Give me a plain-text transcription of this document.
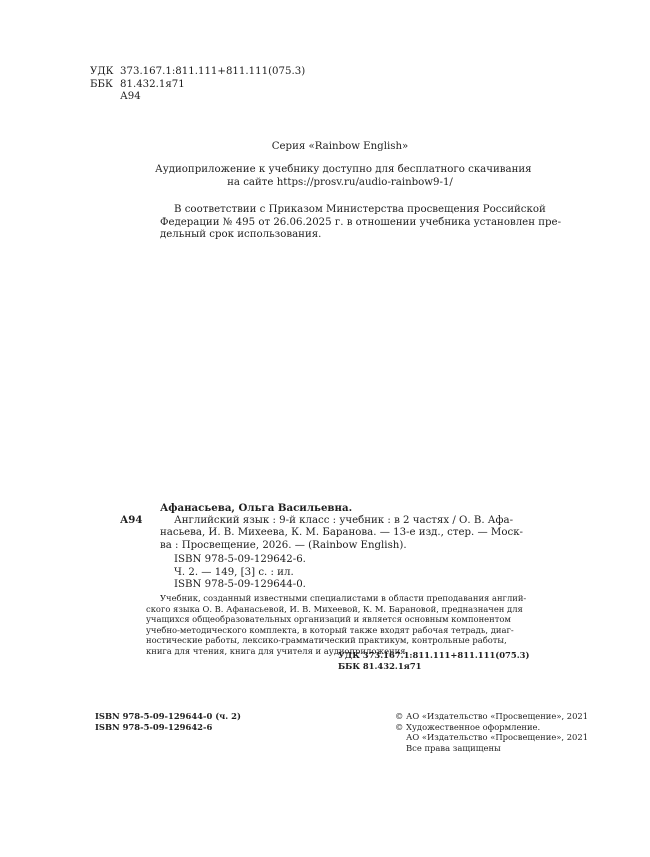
УДК 373.167.1:811.111+811.111(075.3)
ББК 81.432.1я71
А94
Серия «Rainbow English»
Аудиоприложение к учебнику доступно для бесплатного скачивания
на сайте https://prosv.ru/audio-rainbow9-1/
В соответствии с Приказом Министерства просвещения Российской
Федерации № 495 от 26.06.2025 г. в отношении учебника установлен пре-
дельный срок использования.
Афанасьева, Ольга Васильевна.
Английский язык : 9-й класс : учебник : в 2 частях / О. В. Афа-
насьева, И. В. Михеева, К. М. Баранова. — 13-е изд., стер. — Моск-
ва : Просвещение, 2026. — (Rainbow English).
ISBN 978-5-09-129642-6.
Ч. 2. — 149, [3] с. : ил.
ISBN 978-5-09-129644-0.
А94
Учебник, созданный известными специалистами в области преподавания англий-
ского языка О. В. Афанасьевой, И. В. Михеевой, К. М. Барановой, предназначен для
учащихся общеобразовательных организаций и является основным компонентом
учебно-методического комплекта, в который также входят рабочая тетрадь, диаг-
ностические работы, лексико-грамматический практикум, контрольные работы,
книга для чтения, книга для учителя и аудиоприложения.
УДК 373.167.1:811.111+811.111(075.3)
ББК 81.432.1я71
ISBN 978-5-09-129644-0 (ч. 2)
ISBN 978-5-09-129642-6
© АО «Издательство «Просвещение», 2021
© Художественное оформление.
АО «Издательство «Просвещение», 2021
Все права защищены
